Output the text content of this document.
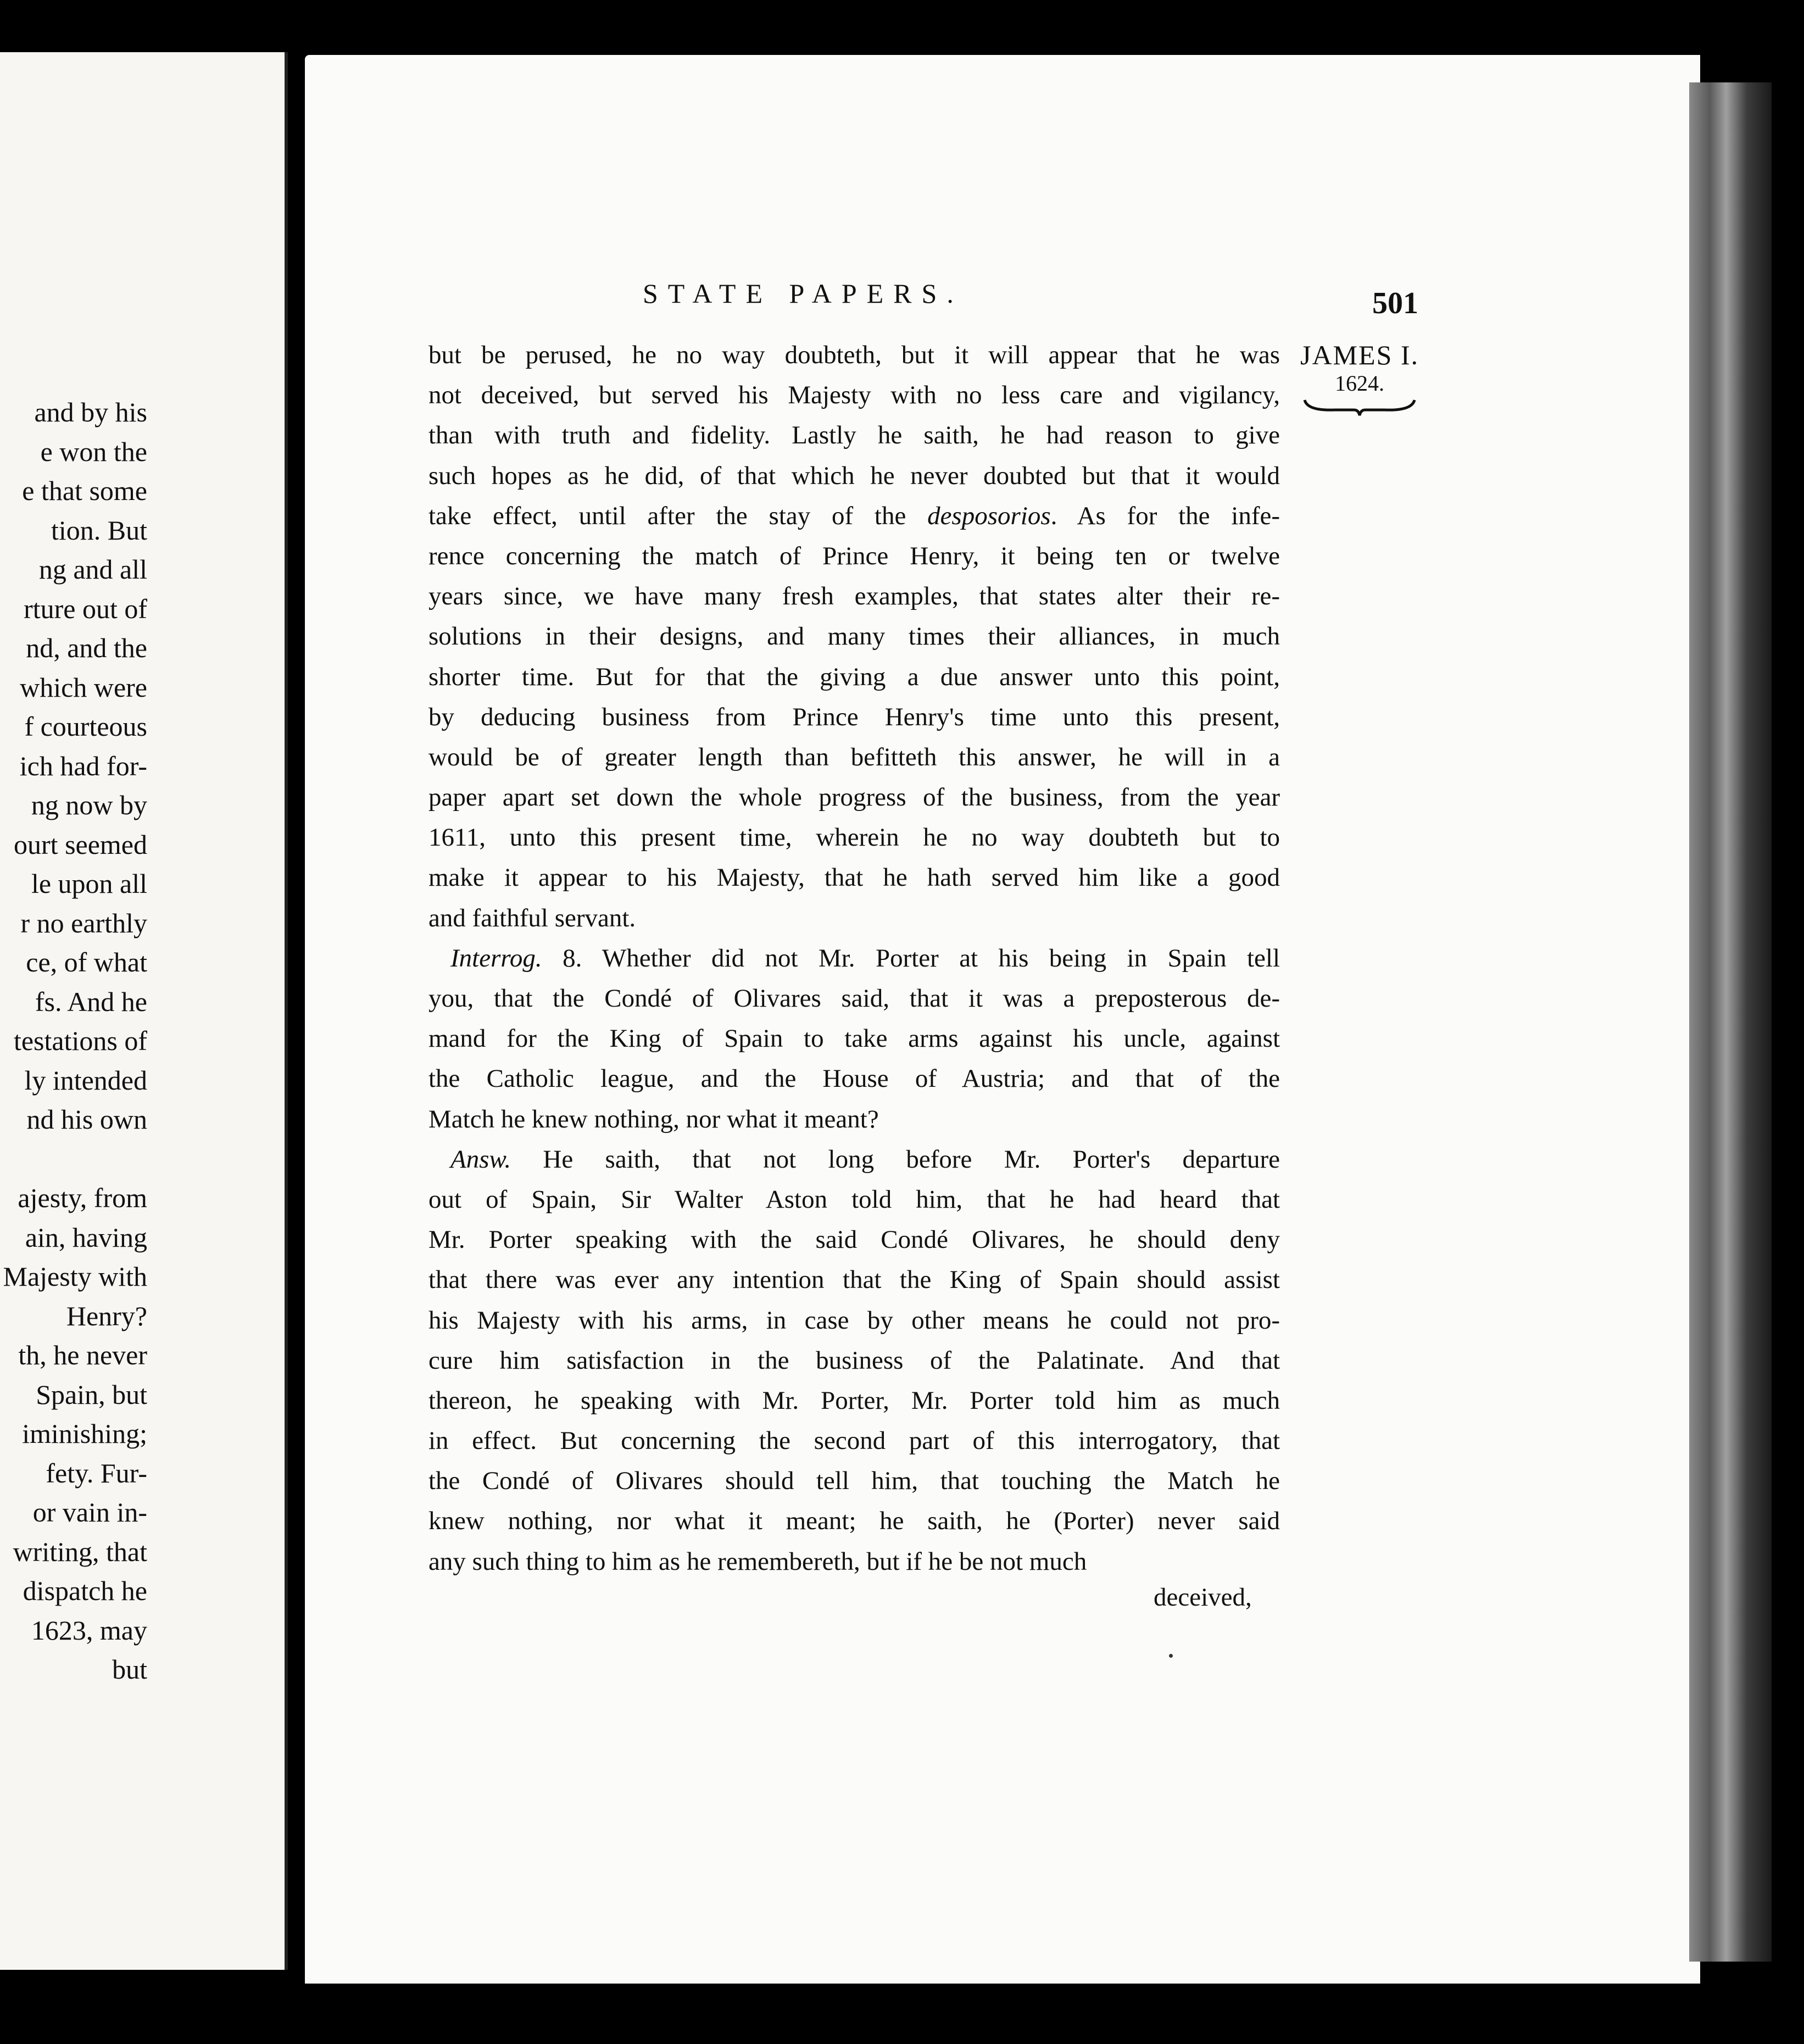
and by his
e won the
e that some
tion. But
ng and all
rture out of
nd, and the
which were
f courteous
ich had for-
ng now by
ourt seemed
le upon all
r no earthly
ce, of what
fs. And he
testations of
ly intended
nd his own
ajesty, from
ain, having
Majesty with
Henry?
th, he never
Spain, but
iminishing;
fety. Fur-
or vain in-
writing, that
dispatch he
1623, may
but
STATE PAPERS.	501
JAMES I.
1624.
but be perused, he no way doubteth, but it will appear that he was
not deceived, but served his Majesty with no less care and vigilancy,
than with truth and fidelity. Lastly he saith, he had reason to give
such hopes as he did, of that which he never doubted but that it would
take effect, until after the stay of the desposorios. As for the infe-
rence concerning the match of Prince Henry, it being ten or twelve
years since, we have many fresh examples, that states alter their re-
solutions in their designs, and many times their alliances, in much
shorter time. But for that the giving a due answer unto this point,
by deducing business from Prince Henry's time unto this present,
would be of greater length than befitteth this answer, he will in a
paper apart set down the whole progress of the business, from the year
1611, unto this present time, wherein he no way doubteth but to
make it appear to his Majesty, that he hath served him like a good
and faithful servant.
Interrog. 8. Whether did not Mr. Porter at his being in Spain tell
you, that the Condé of Olivares said, that it was a preposterous de-
mand for the King of Spain to take arms against his uncle, against
the Catholic league, and the House of Austria; and that of the
Match he knew nothing, nor what it meant?
Answ. He saith, that not long before Mr. Porter's departure
out of Spain, Sir Walter Aston told him, that he had heard that
Mr. Porter speaking with the said Condé Olivares, he should deny
that there was ever any intention that the King of Spain should assist
his Majesty with his arms, in case by other means he could not pro-
cure him satisfaction in the business of the Palatinate. And that
thereon, he speaking with Mr. Porter, Mr. Porter told him as much
in effect. But concerning the second part of this interrogatory, that
the Condé of Olivares should tell him, that touching the Match he
knew nothing, nor what it meant; he saith, he (Porter) never said
any such thing to him as he remembereth, but if he be not much
deceived,
